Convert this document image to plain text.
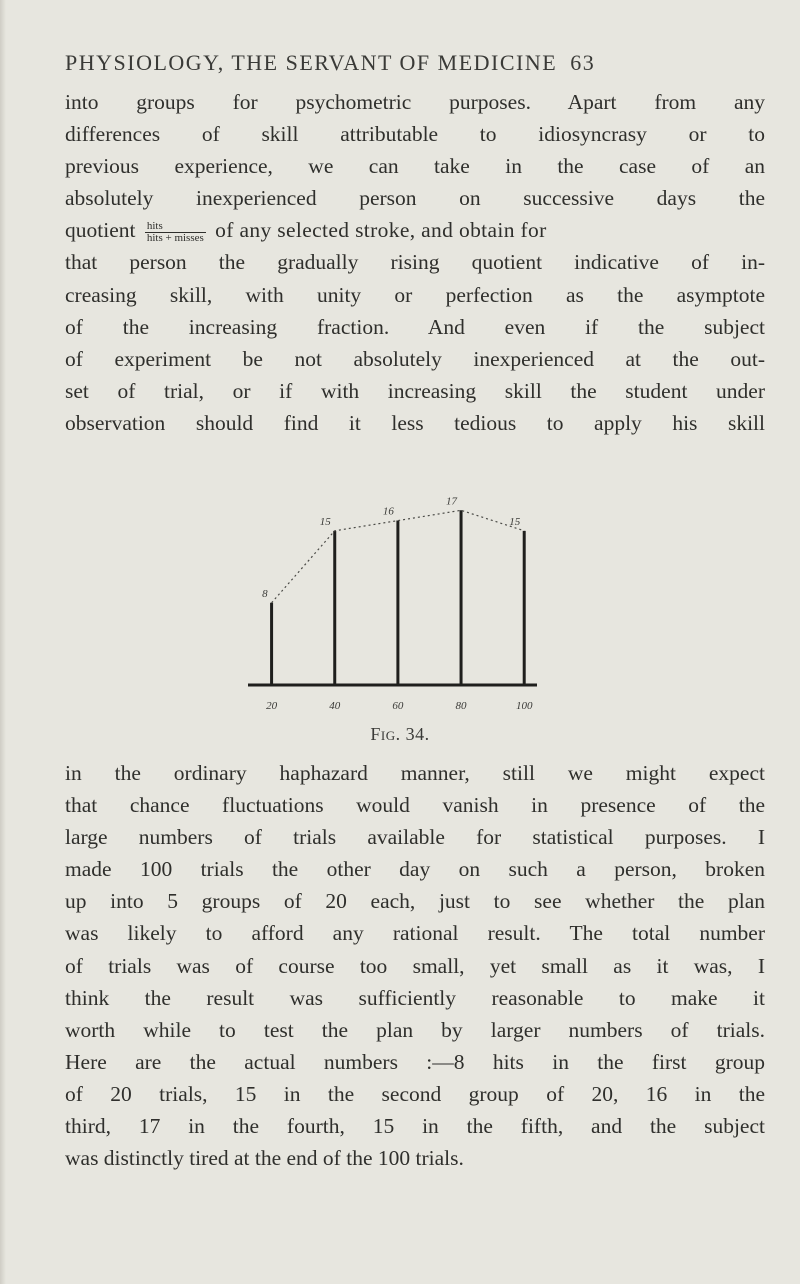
PHYSIOLOGY, THE SERVANT OF MEDICINE 63
into groups for psychometric purposes. Apart from any
differences of skill attributable to idiosyncrasy or to
previous experience, we can take in the case of an
absolutely inexperienced person on successive days the
quotient $\frac{\text{hits}}{\text{hits + misses}}$ of any selected stroke, and obtain for
that person the gradually rising quotient indicative of in-
creasing skill, with unity or perfection as the asymptote
of the increasing fraction. And even if the subject
of experiment be not absolutely inexperienced at the out-
set of trial, or if with increasing skill the student under
observation should find it less tedious to apply his skill
8
15
16
17
15
20	40	60	80	100
Fig. 34.
in the ordinary haphazard manner, still we might expect
that chance fluctuations would vanish in presence of the
large numbers of trials available for statistical purposes. I
made 100 trials the other day on such a person, broken
up into 5 groups of 20 each, just to see whether the plan
was likely to afford any rational result. The total number
of trials was of course too small, yet small as it was, I
think the result was sufficiently reasonable to make it
worth while to test the plan by larger numbers of trials.
Here are the actual numbers :—8 hits in the first group
of 20 trials, 15 in the second group of 20, 16 in the
third, 17 in the fourth, 15 in the fifth, and the subject
was distinctly tired at the end of the 100 trials.
